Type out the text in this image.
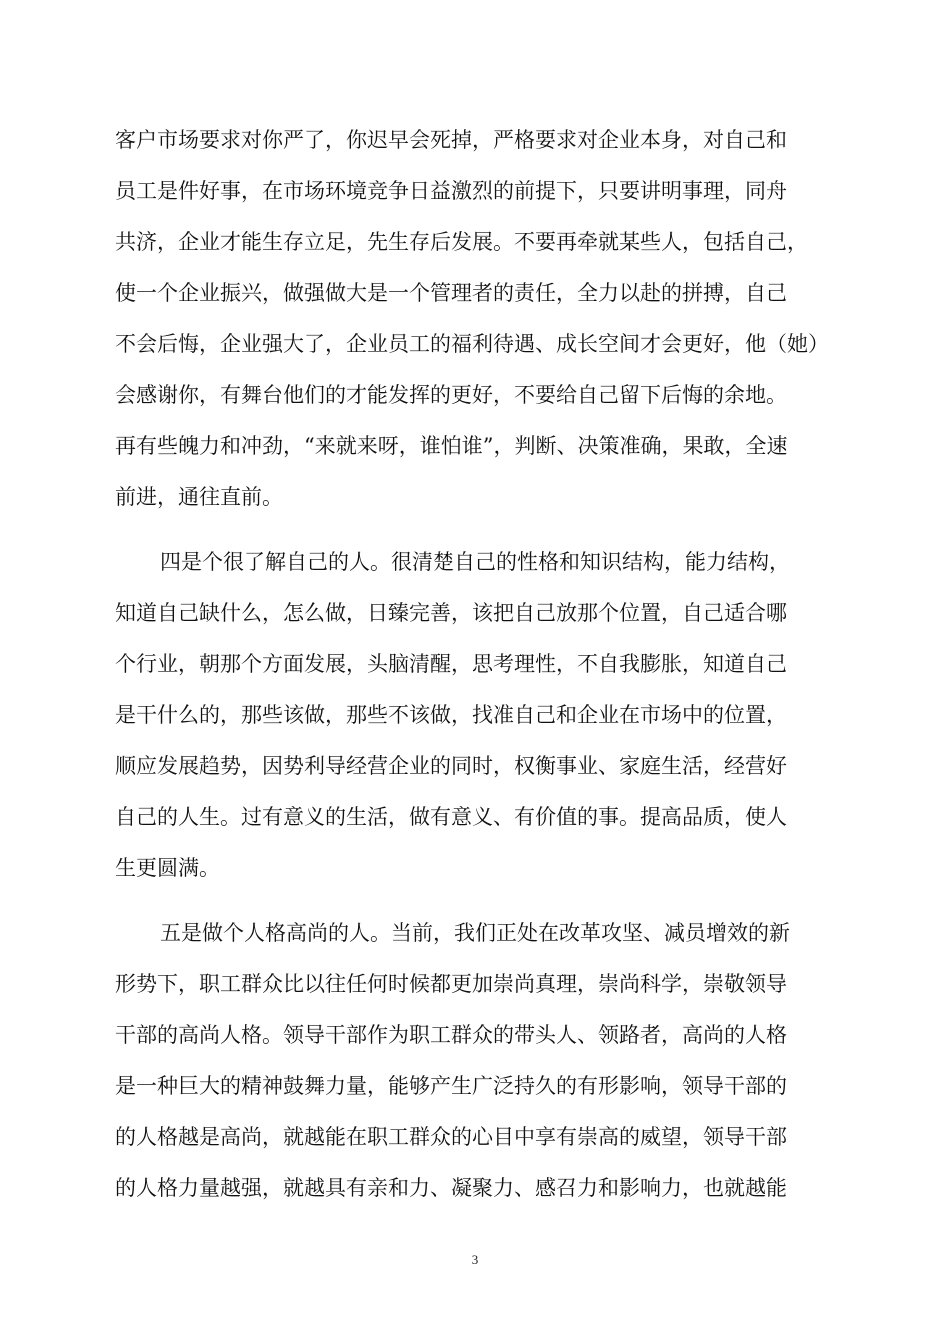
客户市场要求对你严了，你迟早会死掉，严格要求对企业本身，对自己和
员工是件好事，在市场环境竞争日益激烈的前提下，只要讲明事理，同舟
共济，企业才能生存立足，先生存后发展。不要再牵就某些人，包括自己，
使一个企业振兴，做强做大是一个管理者的责任，全力以赴的拼搏，自己
不会后悔，企业强大了，企业员工的福利待遇、成长空间才会更好，他（她）
会感谢你，有舞台他们的才能发挥的更好，不要给自己留下后悔的余地。
再有些魄力和冲劲，“来就来呀，谁怕谁”，判断、决策准确，果敢，全速
前进，通往直前。
四是个很了解自己的人。很清楚自己的性格和知识结构，能力结构，
知道自己缺什么，怎么做，日臻完善，该把自己放那个位置，自己适合哪
个行业，朝那个方面发展，头脑清醒，思考理性，不自我膨胀，知道自己
是干什么的，那些该做，那些不该做，找准自己和企业在市场中的位置，
顺应发展趋势，因势利导经营企业的同时，权衡事业、家庭生活，经营好
自己的人生。过有意义的生活，做有意义、有价值的事。提高品质，使人
生更圆满。
五是做个人格高尚的人。当前，我们正处在改革攻坚、减员增效的新
形势下，职工群众比以往任何时候都更加崇尚真理，崇尚科学，崇敬领导
干部的高尚人格。领导干部作为职工群众的带头人、领路者，高尚的人格
是一种巨大的精神鼓舞力量，能够产生广泛持久的有形影响，领导干部的
的人格越是高尚，就越能在职工群众的心目中享有崇高的威望，领导干部
的人格力量越强，就越具有亲和力、凝聚力、感召力和影响力，也就越能
3
